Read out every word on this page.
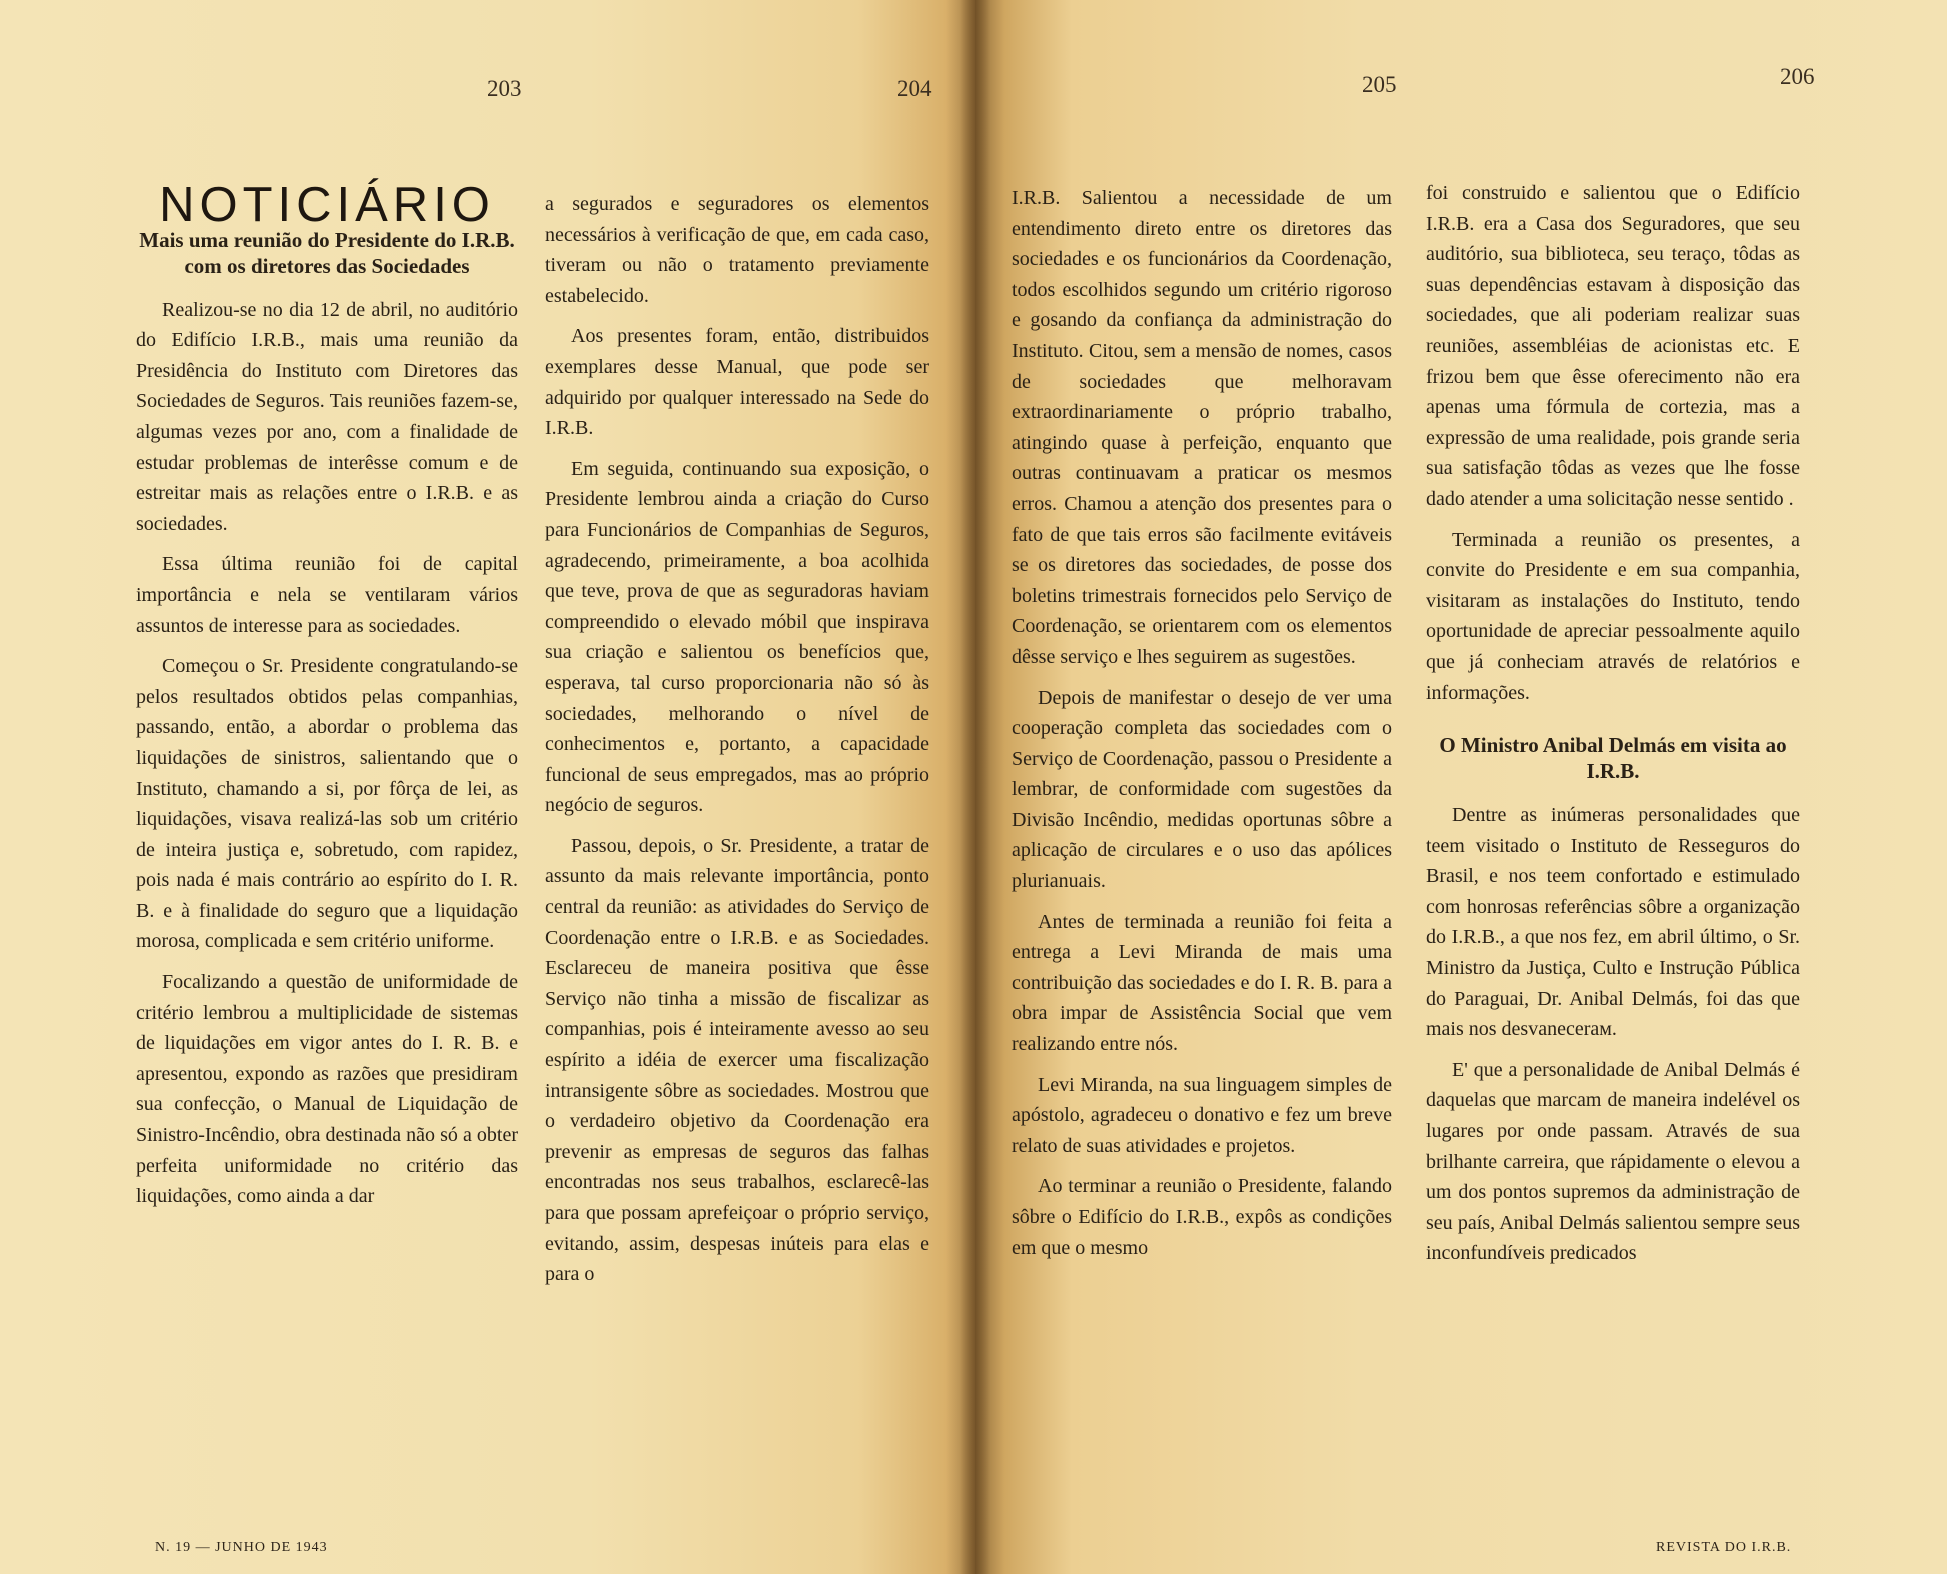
203	204
NOTICIÁRIO
Mais uma reunião do Presidente do I.R.B. com os diretores das Sociedades

Realizou-se no dia 12 de abril, no auditório do Edifício I.R.B., mais uma reunião da Presidência do Instituto com Diretores das Sociedades de Seguros. Tais reuniões fazem-se, algumas vezes por ano, com a finalidade de estudar problemas de interêsse comum e de estreitar mais as relações entre o I.R.B. e as sociedades.

Essa última reunião foi de capital importância e nela se ventilaram vários assuntos de interesse para as sociedades.

Começou o Sr. Presidente congratulando-se pelos resultados obtidos pelas companhias, passando, então, a abordar o problema das liquidações de sinistros, salientando que o Instituto, chamando a si, por fôrça de lei, as liquidações, visava realizá-las sob um critério de inteira justiça e, sobretudo, com rapidez, pois nada é mais contrário ao espírito do I. R. B. e à finalidade do seguro que a liquidação morosa, complicada e sem critério uniforme.

Focalizando a questão de uniformidade de critério lembrou a multiplicidade de sistemas de liquidações em vigor antes do I. R. B. e apresentou, expondo as razões que presidiram sua confecção, o Manual de Liquidação de Sinistro-Incêndio, obra destinada não só a obter perfeita uniformidade no critério das liquidações, como ainda a dar

a segurados e seguradores os elementos necessários à verificação de que, em cada caso, tiveram ou não o tratamento previamente estabelecido.

Aos presentes foram, então, distribuidos exemplares desse Manual, que pode ser adquirido por qualquer interessado na Sede do I.R.B.

Em seguida, continuando sua exposição, o Presidente lembrou ainda a criação do Curso para Funcionários de Companhias de Seguros, agradecendo, primeiramente, a boa acolhida que teve, prova de que as seguradoras haviam compreendido o elevado móbil que inspirava sua criação e salientou os benefícios que, esperava, tal curso proporcionaria não só às sociedades, melhorando o nível de conhecimentos e, portanto, a capacidade funcional de seus empregados, mas ao próprio negócio de seguros.

Passou, depois, o Sr. Presidente, a tratar de assunto da mais relevante importância, ponto central da reunião: as atividades do Serviço de Coordenação entre o I.R.B. e as Sociedades. Esclareceu de maneira positiva que êsse Serviço não tinha a missão de fiscalizar as companhias, pois é inteiramente avesso ao seu espírito a idéia de exercer uma fiscalização intransigente sôbre as sociedades. Mostrou que o verdadeiro objetivo da Coordenação era prevenir as empresas de seguros das falhas encontradas nos seus trabalhos, esclarecê-las para que possam aprefeiçoar o próprio serviço, evitando, assim, despesas inúteis para elas e para o

N. 19 — JUNHO DE 1943
205	206

I.R.B. Salientou a necessidade de um entendimento direto entre os diretores das sociedades e os funcionários da Coordenação, todos escolhidos segundo um critério rigoroso e gosando da confiança da administração do Instituto. Citou, sem a mensão de nomes, casos de sociedades que melhoravam extraordinariamente o próprio trabalho, atingindo quase à perfeição, enquanto que outras continuavam a praticar os mesmos erros. Chamou a atenção dos presentes para o fato de que tais erros são facilmente evitáveis se os diretores das sociedades, de posse dos boletins trimestrais fornecidos pelo Serviço de Coordenação, se orientarem com os elementos dêsse serviço e lhes seguirem as sugestões.

Depois de manifestar o desejo de ver uma cooperação completa das sociedades com o Serviço de Coordenação, passou o Presidente a lembrar, de conformidade com sugestões da Divisão Incêndio, medidas oportunas sôbre a aplicação de circulares e o uso das apólices plurianuais.

Antes de terminada a reunião foi feita a entrega a Levi Miranda de mais uma contribuição das sociedades e do I. R. B. para a obra impar de Assistência Social que vem realizando entre nós.

Levi Miranda, na sua linguagem simples de apóstolo, agradeceu o donativo e fez um breve relato de suas atividades e projetos.

Ao terminar a reunião o Presidente, falando sôbre o Edifício do I.R.B., expôs as condições em que o mesmo

foi construido e salientou que o Edifício I.R.B. era a Casa dos Seguradores, que seu auditório, sua biblioteca, seu teraço, tôdas as suas dependências estavam à disposição das sociedades, que ali poderiam realizar suas reuniões, assembléias de acionistas etc. E frizou bem que êsse oferecimento não era apenas uma fórmula de cortezia, mas a expressão de uma realidade, pois grande seria sua satisfação tôdas as vezes que lhe fosse dado atender a uma solicitação nesse sentido .

Terminada a reunião os presentes, a convite do Presidente e em sua companhia, visitaram as instalações do Instituto, tendo oportunidade de apreciar pessoalmente aquilo que já conheciam através de relatórios e informações.

O Ministro Anibal Delmás em visita ao I.R.B.

Dentre as inúmeras personalidades que teem visitado o Instituto de Resseguros do Brasil, e nos teem confortado e estimulado com honrosas referências sôbre a organização do I.R.B., a que nos fez, em abril último, o Sr. Ministro da Justiça, Culto e Instrução Pública do Paraguai, Dr. Anibal Delmás, foi das que mais nos desvanecerам.

E' que a personalidade de Anibal Delmás é daquelas que marcam de maneira indelével os lugares por onde passam. Através de sua brilhante carreira, que rápidamente o elevou a um dos pontos supremos da administração de seu país, Anibal Delmás salientou sempre seus inconfundíveis predicados

REVISTA DO I.R.B.
